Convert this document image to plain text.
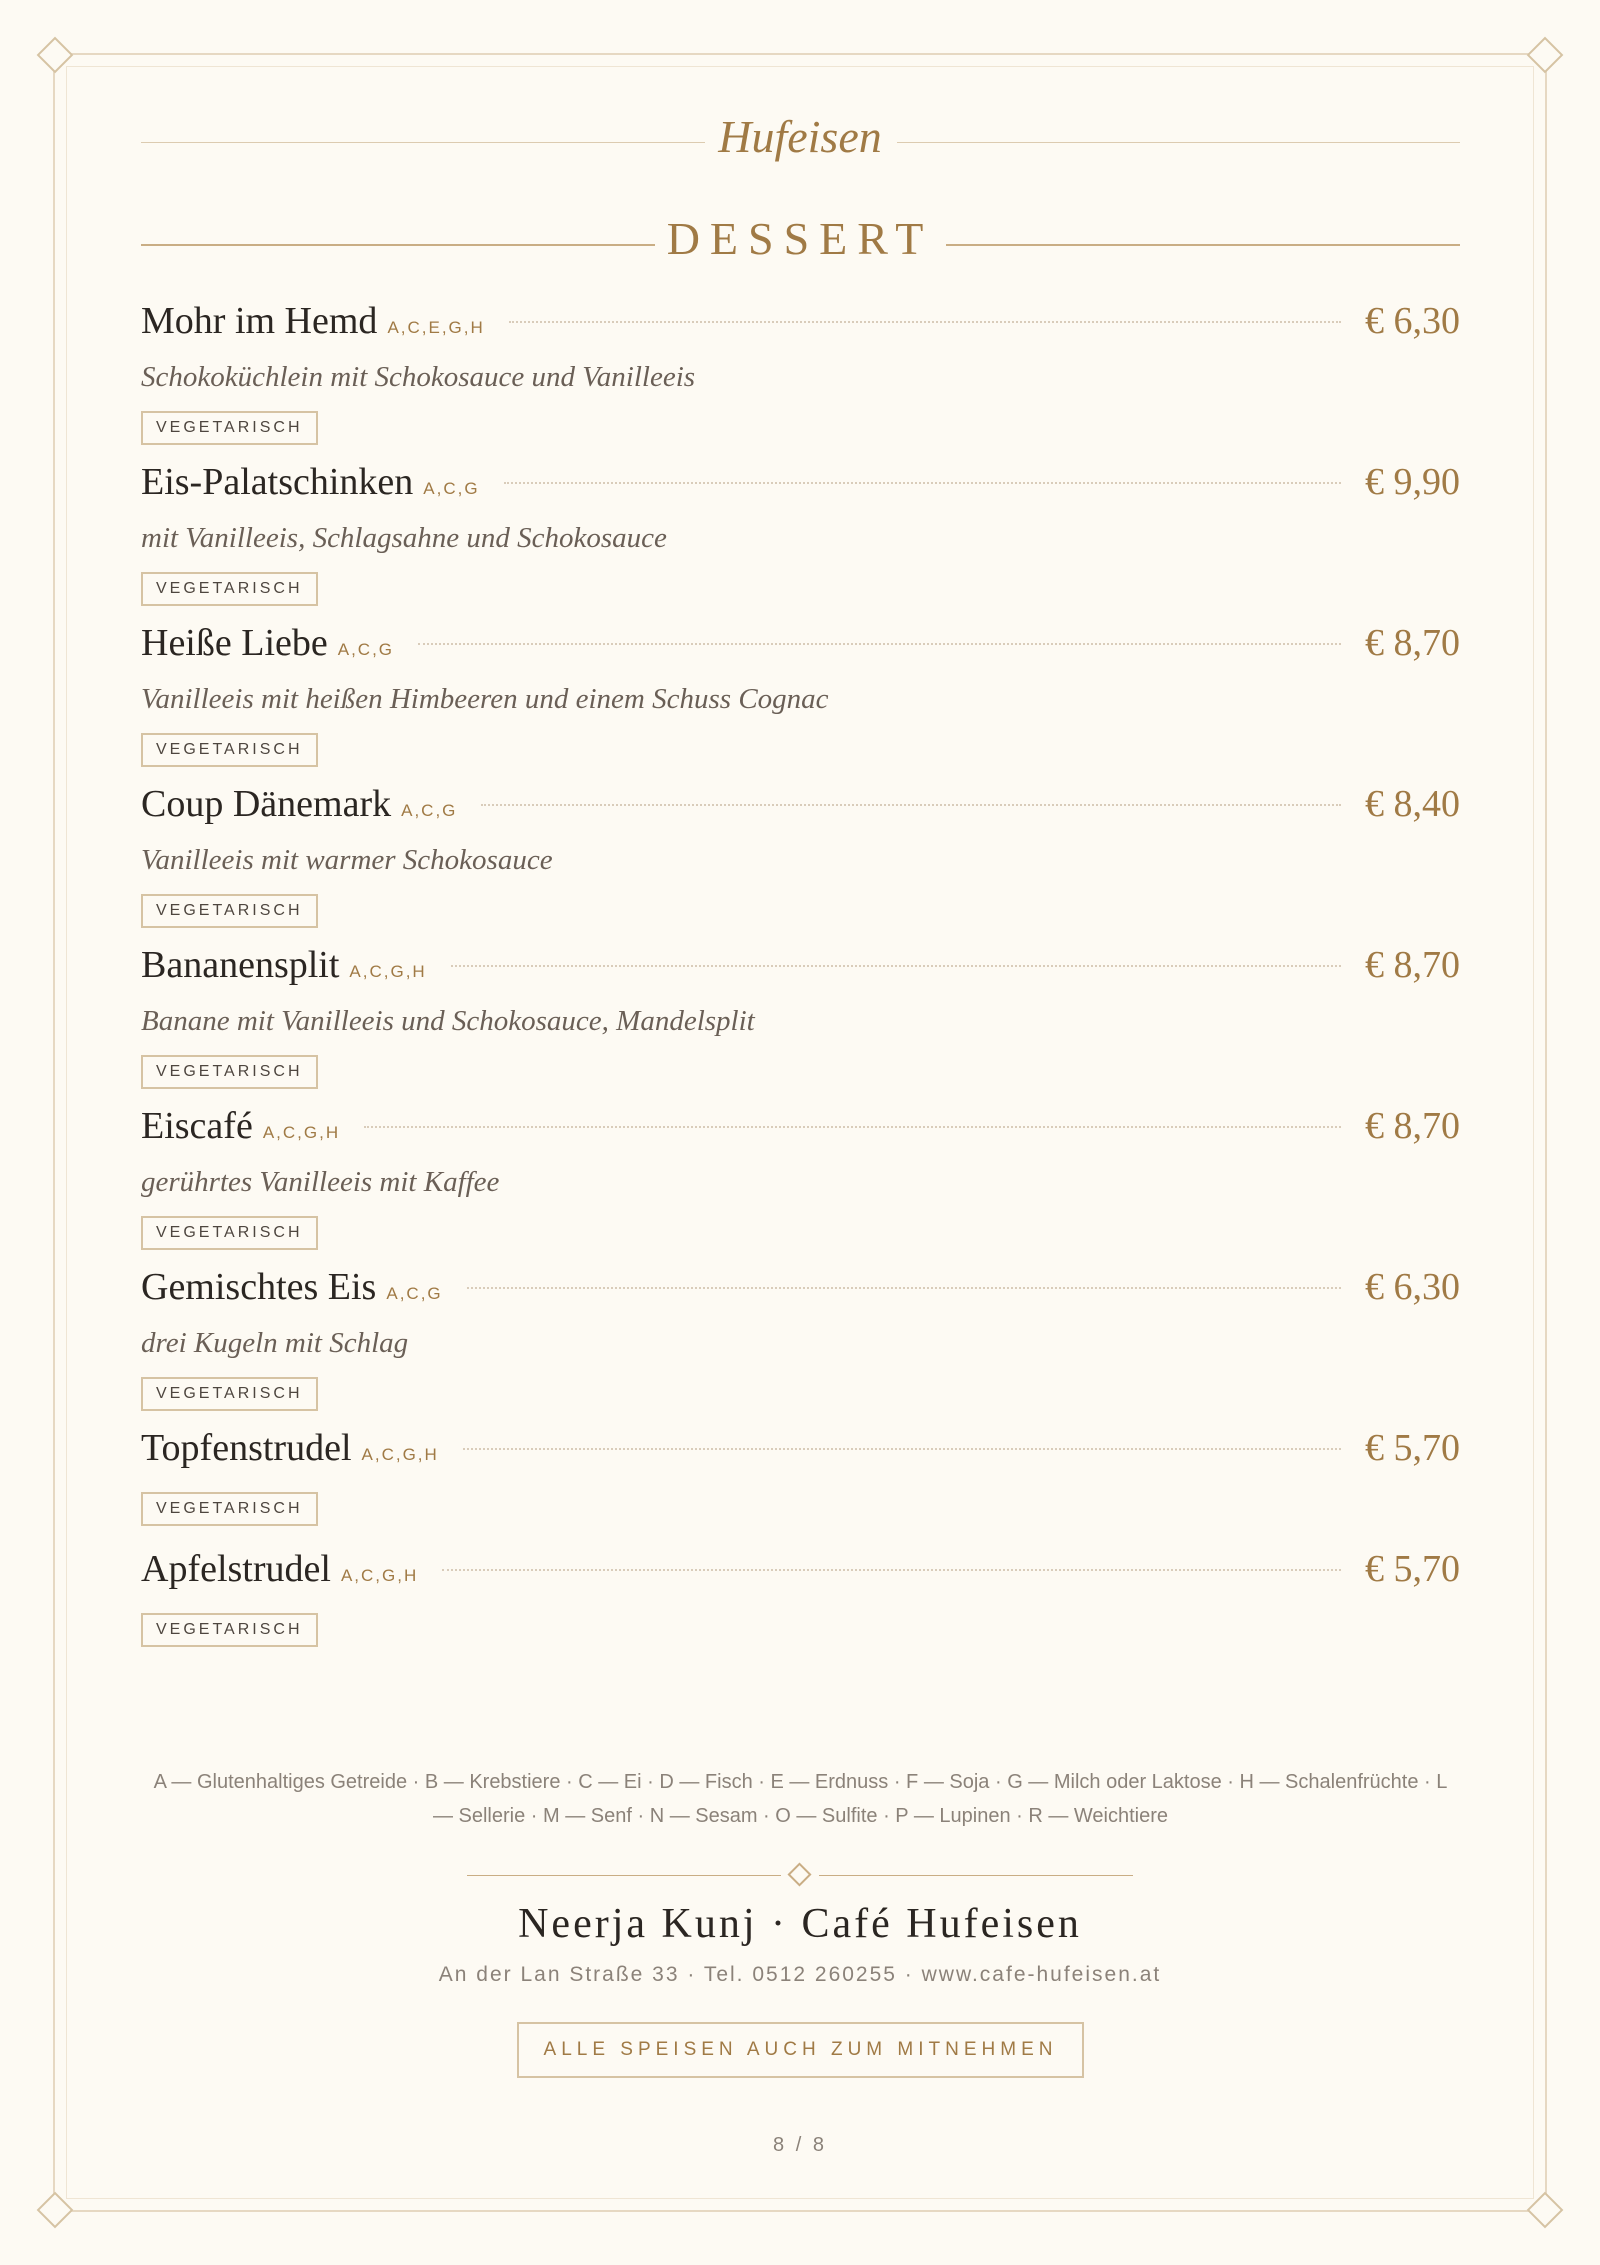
Hufeisen
DESSERT
Mohr im Hemd A,C,E,G,H	€ 6,30
Schokoküchlein mit Schokosauce und Vanilleeis
VEGETARISCH
Eis-Palatschinken A,C,G	€ 9,90
mit Vanilleeis, Schlagsahne und Schokosauce
VEGETARISCH
Heiße Liebe A,C,G	€ 8,70
Vanilleeis mit heißen Himbeeren und einem Schuss Cognac
VEGETARISCH
Coup Dänemark A,C,G	€ 8,40
Vanilleeis mit warmer Schokosauce
VEGETARISCH
Bananensplit A,C,G,H	€ 8,70
Banane mit Vanilleeis und Schokosauce, Mandelsplit
VEGETARISCH
Eiscafé A,C,G,H	€ 8,70
gerührtes Vanilleeis mit Kaffee
VEGETARISCH
Gemischtes Eis A,C,G	€ 6,30
drei Kugeln mit Schlag
VEGETARISCH
Topfenstrudel A,C,G,H	€ 5,70
VEGETARISCH
Apfelstrudel A,C,G,H	€ 5,70
VEGETARISCH
A — Glutenhaltiges Getreide · B — Krebstiere · C — Ei · D — Fisch · E — Erdnuss · F — Soja · G — Milch oder Laktose · H — Schalenfrüchte · L
— Sellerie · M — Senf · N — Sesam · O — Sulfite · P — Lupinen · R — Weichtiere
Neerja Kunj · Café Hufeisen
An der Lan Straße 33 · Tel. 0512 260255 · www.cafe-hufeisen.at
ALLE SPEISEN AUCH ZUM MITNEHMEN
8 / 8
